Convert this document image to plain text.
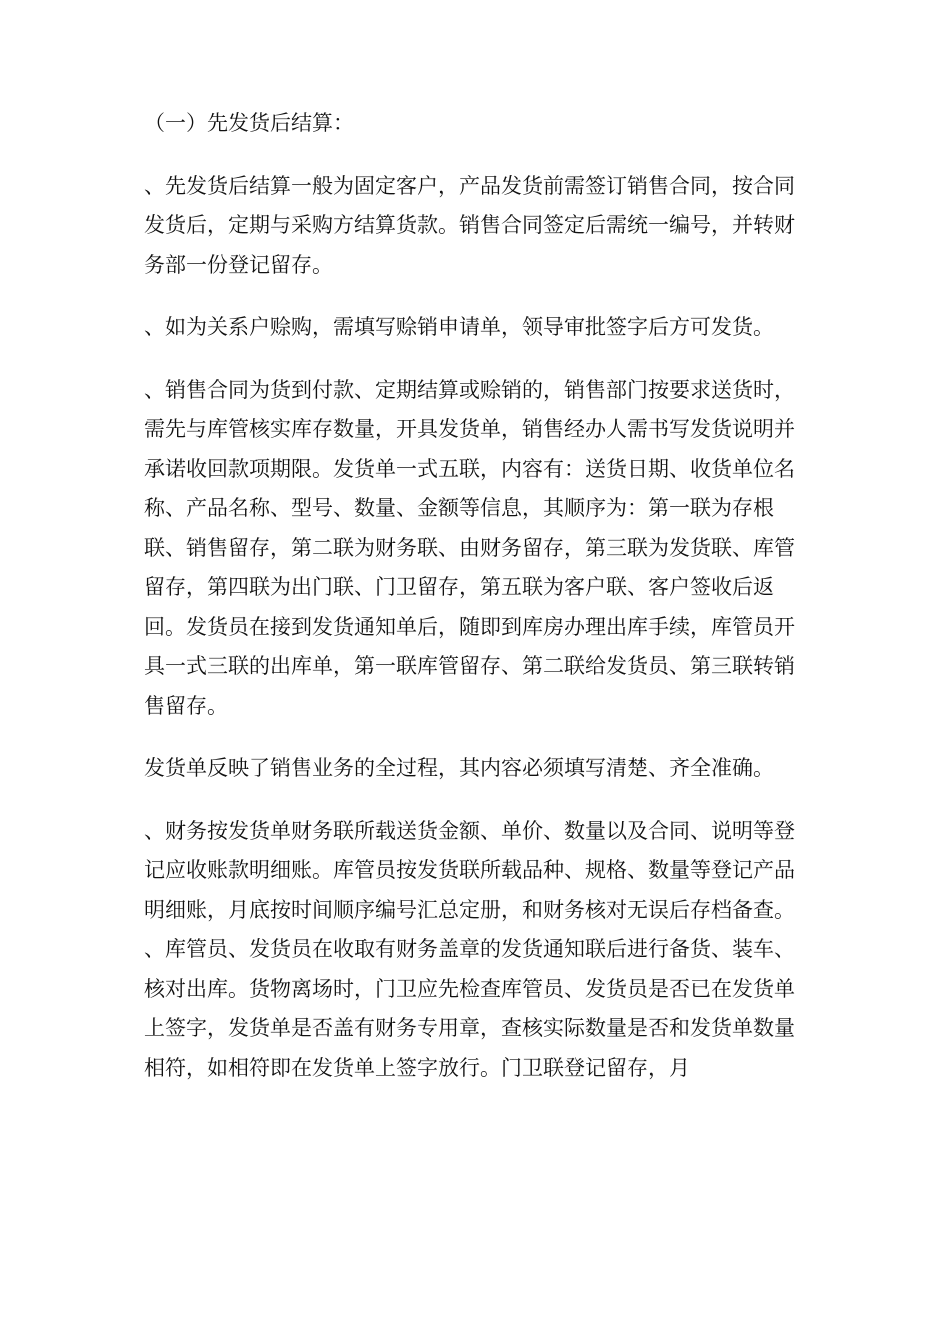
（一）先发货后结算：

、先发货后结算一般为固定客户，产品发货前需签订销售合同，按合同发货后，定期与采购方结算货款。销售合同签定后需统一编号，并转财务部一份登记留存。

、如为关系户赊购，需填写赊销申请单，领导审批签字后方可发货。

、销售合同为货到付款、定期结算或赊销的，销售部门按要求送货时，需先与库管核实库存数量，开具发货单，销售经办人需书写发货说明并承诺收回款项期限。发货单一式五联，内容有：送货日期、收货单位名称、产品名称、型号、数量、金额等信息，其顺序为：第一联为存根联、销售留存，第二联为财务联、由财务留存，第三联为发货联、库管留存，第四联为出门联、门卫留存，第五联为客户联、客户签收后返回。发货员在接到发货通知单后，随即到库房办理出库手续，库管员开具一式三联的出库单，第一联库管留存、第二联给发货员、第三联转销售留存。

发货单反映了销售业务的全过程，其内容必须填写清楚、齐全准确。

、财务按发货单财务联所载送货金额、单价、数量以及合同、说明等登记应收账款明细账。库管员按发货联所载品种、规格、数量等登记产品明细账，月底按时间顺序编号汇总定册，和财务核对无误后存档备查。

、库管员、发货员在收取有财务盖章的发货通知联后进行备货、装车、核对出库。货物离场时，门卫应先检查库管员、发货员是否已在发货单上签字，发货单是否盖有财务专用章，查核实际数量是否和发货单数量相符，如相符即在发货单上签字放行。门卫联登记留存，月
